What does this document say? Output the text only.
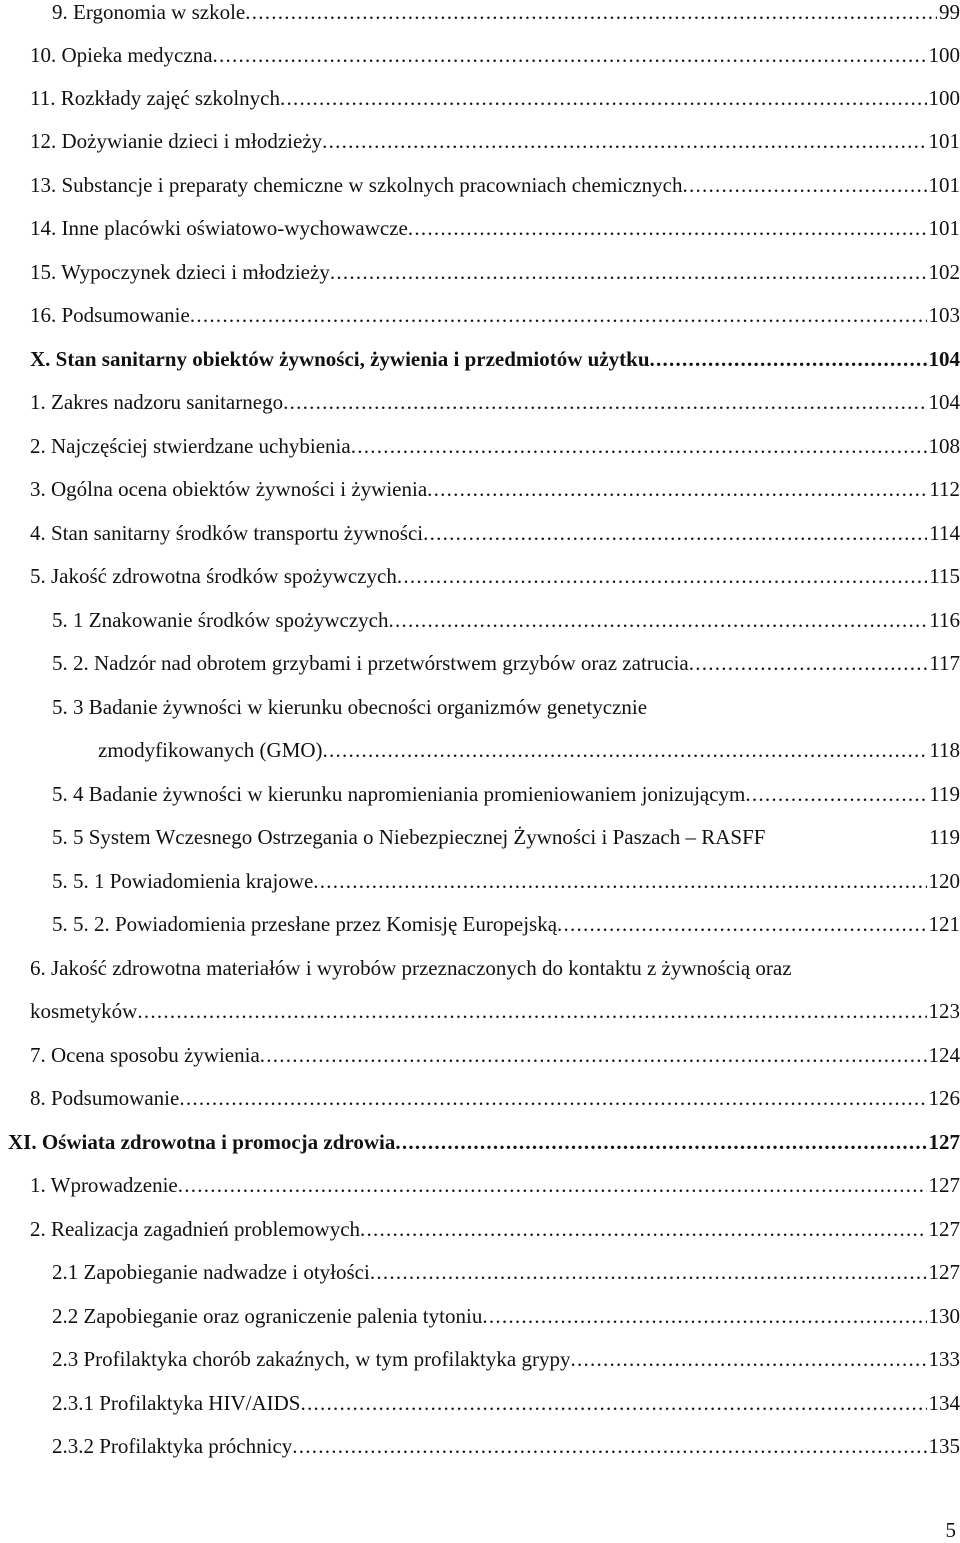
9. Ergonomia w szkole . . .	99
10. Opieka medyczna . . .	100
11. Rozkłady zajęć szkolnych . . .	100
12. Dożywianie dzieci i młodzieży . . .	101
13. Substancje i preparaty chemiczne w szkolnych pracowniach chemicznych . . .	101
14. Inne placówki oświatowo-wychowawcze . . .	101
15. Wypoczynek dzieci i młodzieży . . .	102
16. Podsumowanie . . .	103
X. Stan sanitarny obiektów żywności, żywienia i przedmiotów użytku . . .	104
1. Zakres nadzoru sanitarnego . . .	104
2. Najczęściej stwierdzane uchybienia . . .	108
3. Ogólna ocena obiektów żywności i żywienia . . .	112
4. Stan sanitarny środków transportu żywności . . .	114
5. Jakość zdrowotna środków spożywczych . . .	115
5. 1 Znakowanie środków spożywczych . . .	116
5. 2. Nadzór nad obrotem grzybami i przetwórstwem grzybów oraz zatrucia . . .	117
5. 3 Badanie żywności w kierunku obecności organizmów genetycznie
zmodyfikowanych (GMO) . . .	118
5. 4 Badanie żywności w kierunku napromieniania promieniowaniem jonizującym . . .	119
5. 5 System Wczesnego Ostrzegania o Niebezpiecznej Żywności i Paszach – RASFF	119
5. 5. 1 Powiadomienia krajowe . . .	120
5. 5. 2. Powiadomienia przesłane przez Komisję Europejską . . .	121
6. Jakość zdrowotna materiałów i wyrobów przeznaczonych do kontaktu z żywnością oraz
kosmetyków . . .	123
7. Ocena sposobu żywienia . . .	124
8. Podsumowanie . . .	126
XI. Oświata zdrowotna i promocja zdrowia . . .	127
1. Wprowadzenie . . .	127
2. Realizacja zagadnień problemowych . . .	127
2.1 Zapobieganie nadwadze i otyłości . . .	127
2.2 Zapobieganie oraz ograniczenie palenia tytoniu . . .	130
2.3 Profilaktyka chorób zakaźnych, w tym profilaktyka grypy . . .	133
2.3.1 Profilaktyka HIV/AIDS . . .	134
2.3.2 Profilaktyka próchnicy . . .	135
5
